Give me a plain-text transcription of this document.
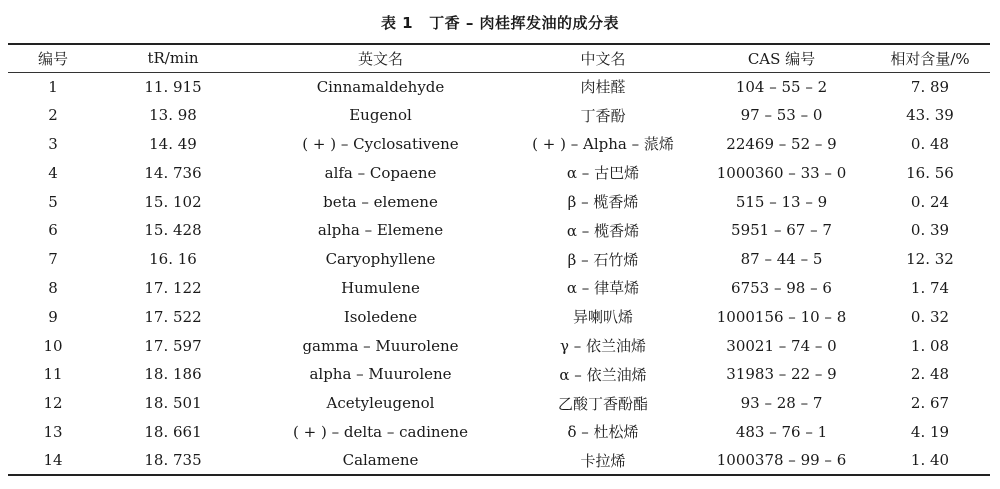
表 1 丁香 – 肉桂挥发油的成分表
编号	tR/min	英文名	中文名	CAS 编号	相对含量/%
1	11. 915	Cinnamaldehyde	肉桂醛	104 – 55 – 2	7. 89
2	13. 98	Eugenol	丁香酚	97 – 53 – 0	43. 39
3	14. 49	( + ) – Cyclosativene	( + ) – Alpha – 蒎烯	22469 – 52 – 9	0. 48
4	14. 736	alfa – Copaene	α – 古巴烯	1000360 – 33 – 0	16. 56
5	15. 102	beta – elemene	β – 榄香烯	515 – 13 – 9	0. 24
6	15. 428	alpha – Elemene	α – 榄香烯	5951 – 67 – 7	0. 39
7	16. 16	Caryophyllene	β – 石竹烯	87 – 44 – 5	12. 32
8	17. 122	Humulene	α – 律草烯	6753 – 98 – 6	1. 74
9	17. 522	Isoledene	异喇叭烯	1000156 – 10 – 8	0. 32
10	17. 597	gamma – Muurolene	γ – 依兰油烯	30021 – 74 – 0	1. 08
11	18. 186	alpha – Muurolene	α – 依兰油烯	31983 – 22 – 9	2. 48
12	18. 501	Acetyleugenol	乙酸丁香酚酯	93 – 28 – 7	2. 67
13	18. 661	( + ) – delta – cadinene	δ – 杜松烯	483 – 76 – 1	4. 19
14	18. 735	Calamene	卡拉烯	1000378 – 99 – 6	1. 40
